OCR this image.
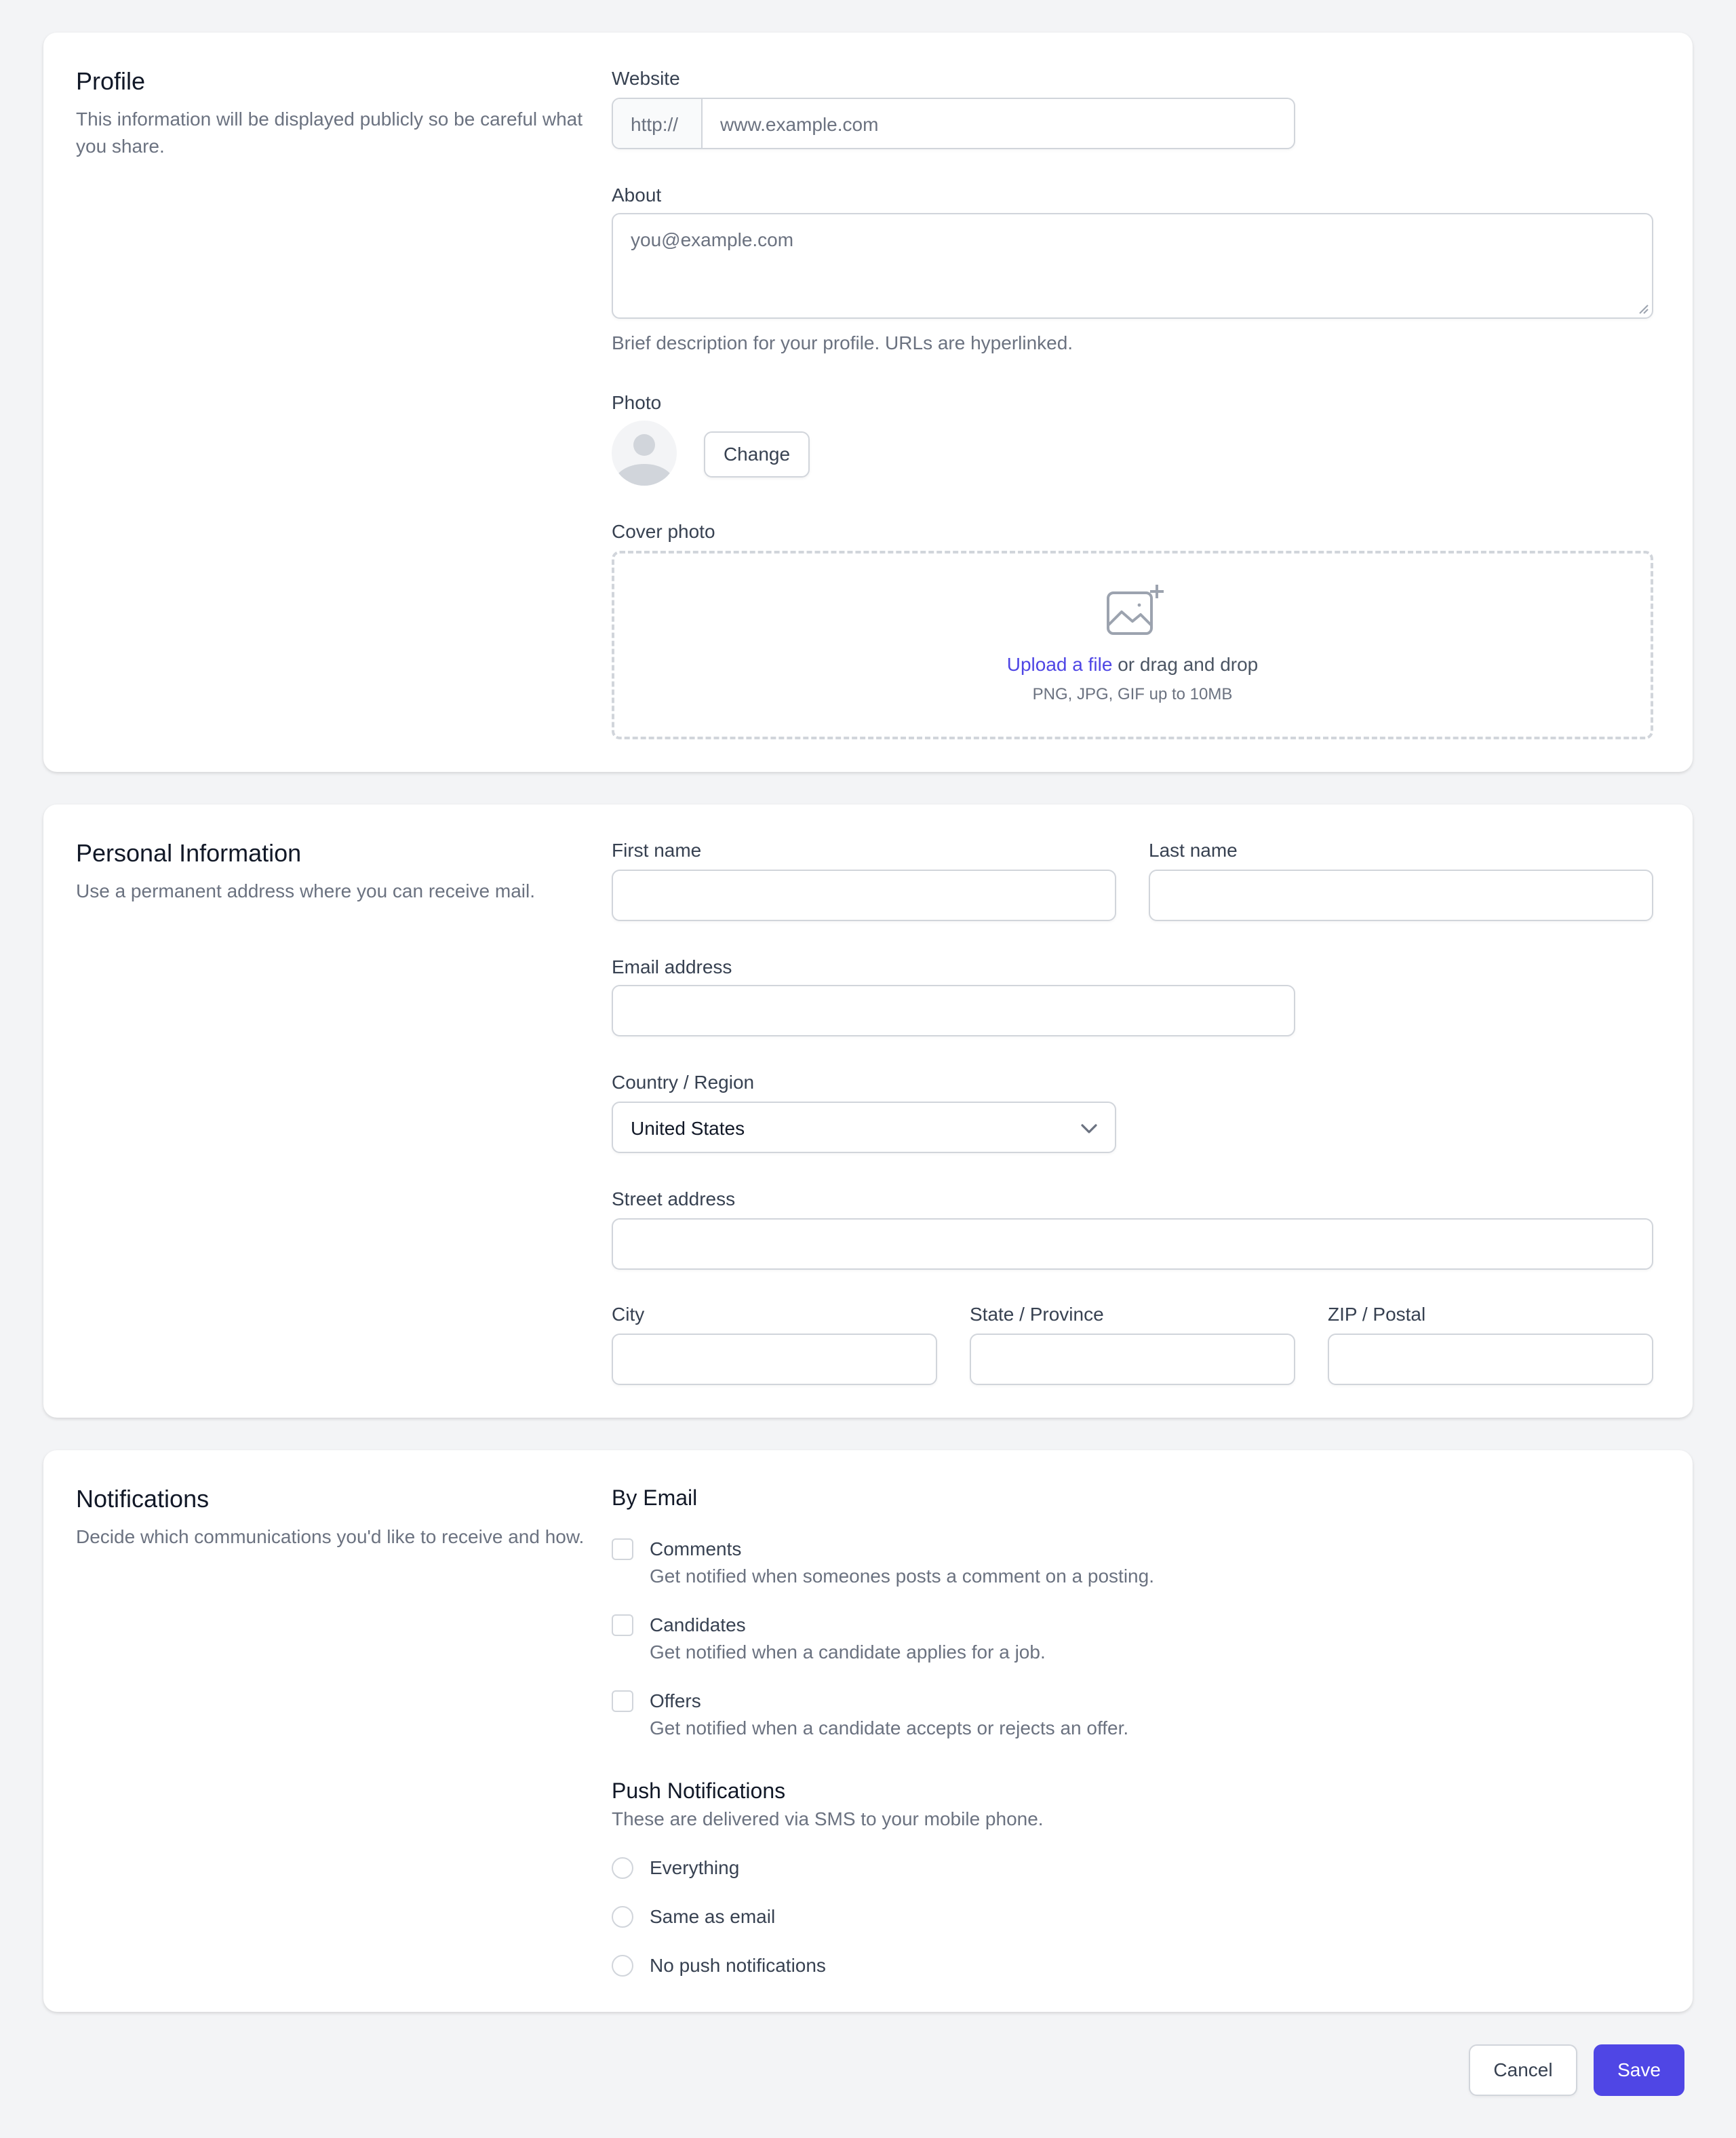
Profile
This information will be displayed publicly so be careful what you share.
Website
http://	www.example.com
About
you@example.com
Brief description for your profile. URLs are hyperlinked.
Photo
Change
Cover photo
Upload a file or drag and drop
PNG, JPG, GIF up to 10MB
Personal Information
Use a permanent address where you can receive mail.
First name	Last name
Email address
Country / Region
United States
Street address
City	State / Province	ZIP / Postal
Notifications
Decide which communications you'd like to receive and how.
By Email
Comments
Get notified when someones posts a comment on a posting.
Candidates
Get notified when a candidate applies for a job.
Offers
Get notified when a candidate accepts or rejects an offer.
Push Notifications
These are delivered via SMS to your mobile phone.
Everything
Same as email
No push notifications
Cancel	Save
